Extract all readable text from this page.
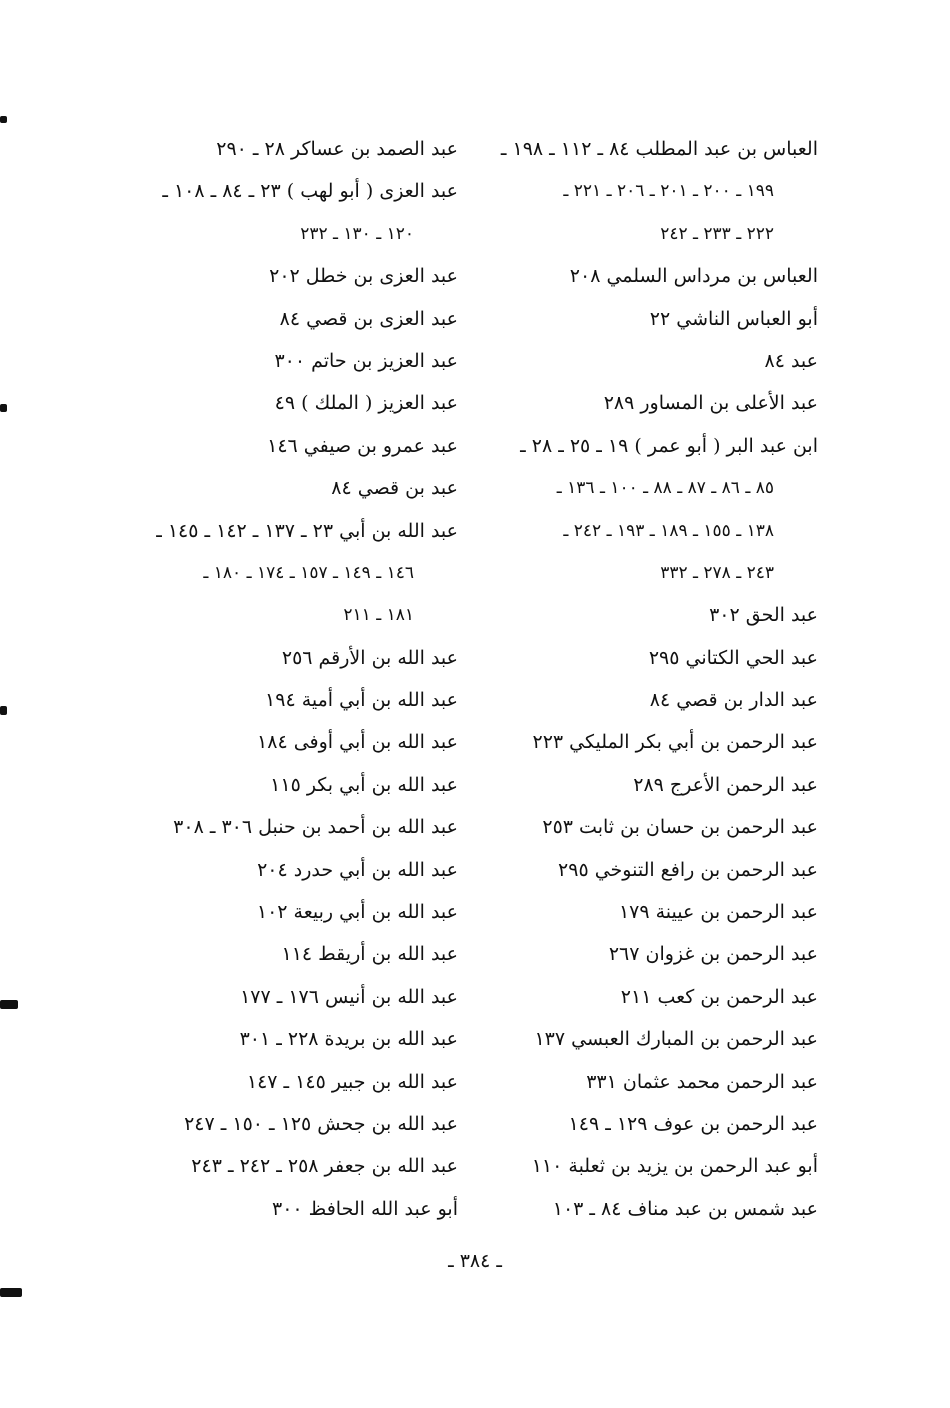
العباس بن عبد المطلب ٨٤ ـ ١١٢ ـ ١٩٨ ـ
١٩٩ ـ ٢٠٠ ـ ٢٠١ ـ ٢٠٦ ـ ٢٢١ ـ
٢٢٢ ـ ٢٣٣ ـ ٢٤٢
العباس بن مرداس السلمي ٢٠٨
أبو العباس الناشي ٢٢
عبد ٨٤
عبد الأعلى بن المساور ٢٨٩
ابن عبد البر ( أبو عمر ) ١٩ ـ ٢٥ ـ ٢٨ ـ
٨٥ ـ ٨٦ ـ ٨٧ ـ ٨٨ ـ ١٠٠ ـ ١٣٦ ـ
١٣٨ ـ ١٥٥ ـ ١٨٩ ـ ١٩٣ ـ ٢٤٢ ـ
٢٤٣ ـ ٢٧٨ ـ ٣٣٢
عبد الحق ٣٠٢
عبد الحي الكتاني ٢٩٥
عبد الدار بن قصي ٨٤
عبد الرحمن بن أبي بكر المليكي ٢٢٣
عبد الرحمن الأعرج ٢٨٩
عبد الرحمن بن حسان بن ثابت ٢٥٣
عبد الرحمن بن رافع التنوخي ٢٩٥
عبد الرحمن بن عيينة ١٧٩
عبد الرحمن بن غزوان ٢٦٧
عبد الرحمن بن كعب ٢١١
عبد الرحمن بن المبارك العبسي ١٣٧
عبد الرحمن محمد عثمان ٣٣١
عبد الرحمن بن عوف ١٢٩ ـ ١٤٩
أبو عبد الرحمن بن يزيد بن ثعلبة ١١٠
عبد شمس بن عبد مناف ٨٤ ـ ١٠٣
عبد الصمد بن عساكر ٢٨ ـ ٢٩٠
عبد العزى ( أبو لهب ) ٢٣ ـ ٨٤ ـ ١٠٨ ـ
١٢٠ ـ ١٣٠ ـ ٢٣٢
عبد العزى بن خطل ٢٠٢
عبد العزى بن قصي ٨٤
عبد العزيز بن حاتم ٣٠٠
عبد العزيز ( الملك ) ٤٩
عبد عمرو بن صيفي ١٤٦
عبد بن قصي ٨٤
عبد الله بن أبي ٢٣ ـ ١٣٧ ـ ١٤٢ ـ ١٤٥ ـ
١٤٦ ـ ١٤٩ ـ ١٥٧ ـ ١٧٤ ـ ١٨٠ ـ
١٨١ ـ ٢١١
عبد الله بن الأرقم ٢٥٦
عبد الله بن أبي أمية ١٩٤
عبد الله بن أبي أوفى ١٨٤
عبد الله بن أبي بكر ١١٥
عبد الله بن أحمد بن حنبل ٣٠٦ ـ ٣٠٨
عبد الله بن أبي حدرد ٢٠٤
عبد الله بن أبي ربيعة ١٠٢
عبد الله بن أريقط ١١٤
عبد الله بن أنيس ١٧٦ ـ ١٧٧
عبد الله بن بريدة ٢٢٨ ـ ٣٠١
عبد الله بن جبير ١٤٥ ـ ١٤٧
عبد الله بن جحش ١٢٥ ـ ١٥٠ ـ ٢٤٧
عبد الله بن جعفر ٢٥٨ ـ ٢٤٢ ـ ٢٤٣
أبو عبد الله الحافظ ٣٠٠
ـ ٣٨٤ ـ
